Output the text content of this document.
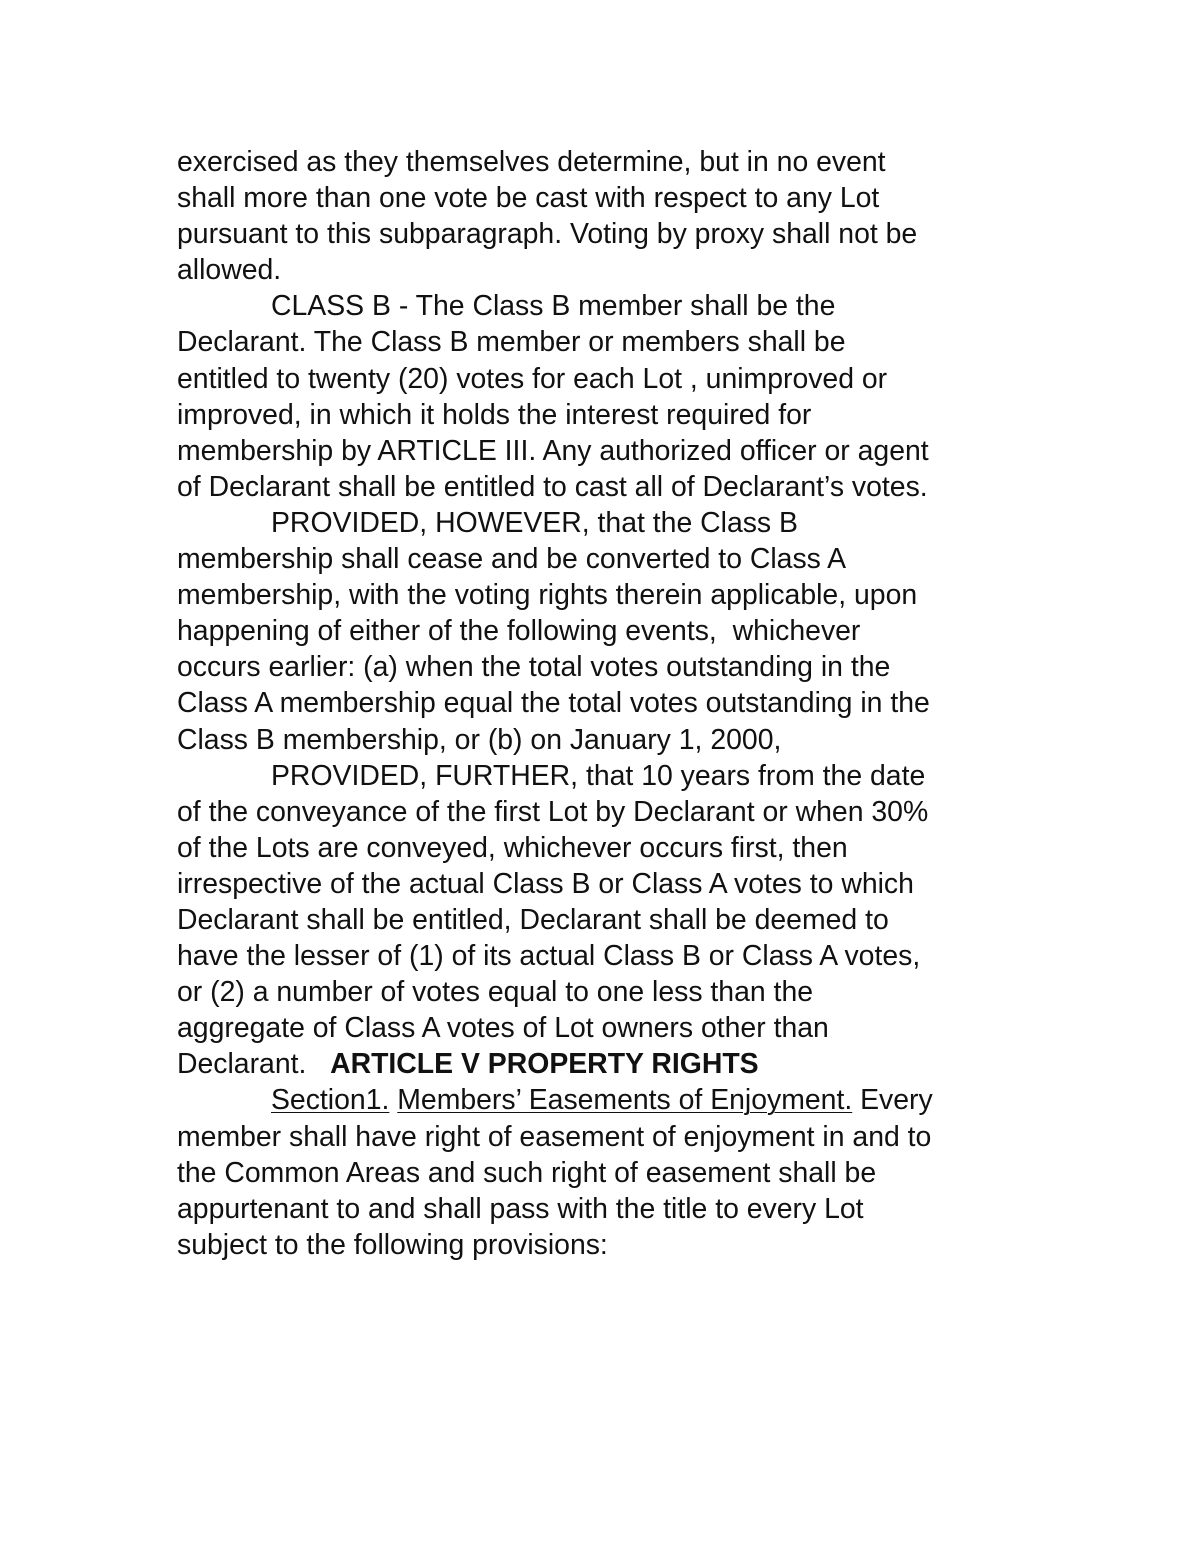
exercised as they themselves determine, but in no event
shall more than one vote be cast with respect to any Lot
pursuant to this subparagraph. Voting by proxy shall not be
allowed.
CLASS B - The Class B member shall be the
Declarant. The Class B member or members shall be
entitled to twenty (20) votes for each Lot , unimproved or
improved, in which it holds the interest required for
membership by ARTICLE III. Any authorized officer or agent
of Declarant shall be entitled to cast all of Declarant’s votes.
PROVIDED, HOWEVER, that the Class B
membership shall cease and be converted to Class A
membership, with the voting rights therein applicable, upon
happening of either of the following events,  whichever
occurs earlier: (a) when the total votes outstanding in the
Class A membership equal the total votes outstanding in the
Class B membership, or (b) on January 1, 2000,
PROVIDED, FURTHER, that 10 years from the date
of the conveyance of the first Lot by Declarant or when 30%
of the Lots are conveyed, whichever occurs first, then
irrespective of the actual Class B or Class A votes to which
Declarant shall be entitled, Declarant shall be deemed to
have the lesser of (1) of its actual Class B or Class A votes,
or (2) a number of votes equal to one less than the
aggregate of Class A votes of Lot owners other than
Declarant.   ARTICLE V PROPERTY RIGHTS
Section1. Members’ Easements of Enjoyment. Every
member shall have right of easement of enjoyment in and to
the Common Areas and such right of easement shall be
appurtenant to and shall pass with the title to every Lot
subject to the following provisions:
